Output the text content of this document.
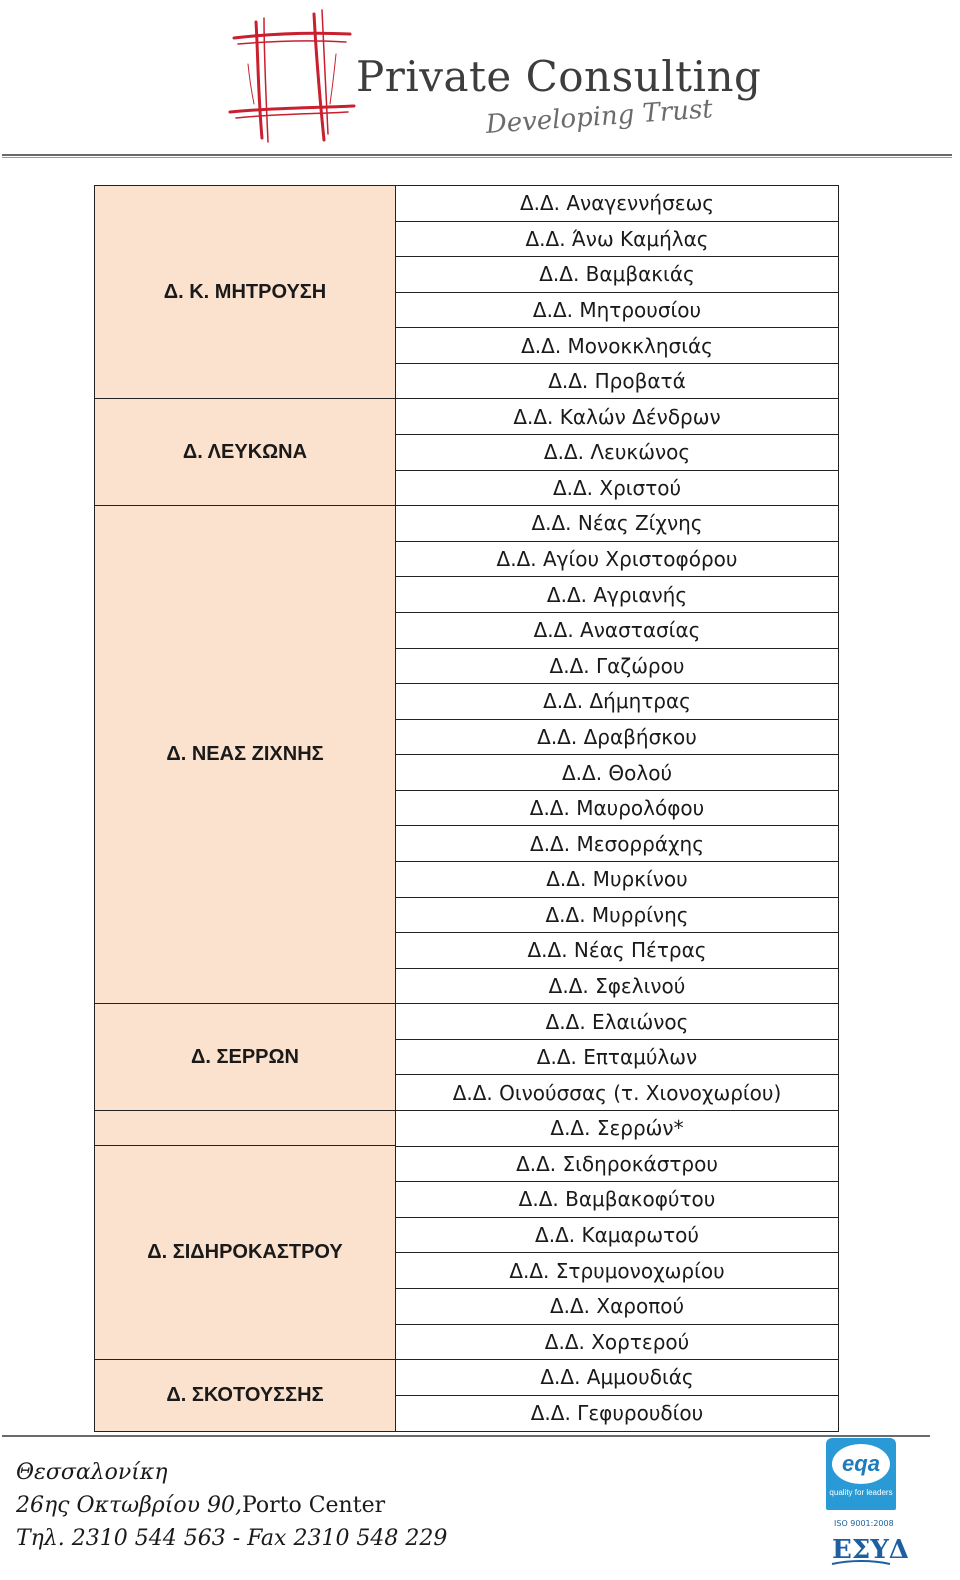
Private Consulting
Developing Trust
Δ. Κ. ΜΗΤΡΟΥΣΗ
Δ. ΛΕΥΚΩΝΑ
Δ. ΝΕΑΣ ΖΙΧΝΗΣ
Δ. ΣΕΡΡΩΝ
Δ. ΣΙΔΗΡΟΚΑΣΤΡΟΥ
Δ. ΣΚΟΤΟΥΣΣΗΣ
Δ.Δ. Αναγεννήσεως
Δ.Δ. Άνω Καμήλας
Δ.Δ. Βαμβακιάς
Δ.Δ. Μητρουσίου
Δ.Δ. Μονοκκλησιάς
Δ.Δ. Προβατά
Δ.Δ. Καλών Δένδρων
Δ.Δ. Λευκώνος
Δ.Δ. Χριστού
Δ.Δ. Νέας Ζίχνης
Δ.Δ. Αγίου Χριστοφόρου
Δ.Δ. Αγριανής
Δ.Δ. Αναστασίας
Δ.Δ. Γαζώρου
Δ.Δ. Δήμητρας
Δ.Δ. Δραβήσκου
Δ.Δ. Θολού
Δ.Δ. Μαυρολόφου
Δ.Δ. Μεσορράχης
Δ.Δ. Μυρκίνου
Δ.Δ. Μυρρίνης
Δ.Δ. Νέας Πέτρας
Δ.Δ. Σφελινού
Δ.Δ. Ελαιώνος
Δ.Δ. Επταμύλων
Δ.Δ. Οινούσσας (τ. Χιονοχωρίου)
Δ.Δ. Σερρών*
Δ.Δ. Σιδηροκάστρου
Δ.Δ. Βαμβακοφύτου
Δ.Δ. Καμαρωτού
Δ.Δ. Στρυμονοχωρίου
Δ.Δ. Χαροπού
Δ.Δ. Χορτερού
Δ.Δ. Αμμουδιάς
Δ.Δ. Γεφυρουδίου
Θεσσαλονίκη
26ης Οκτωβρίου 90,Porto Center
Τηλ. 2310 544 563 - Fax 2310 548 229
eqa
quality for leaders
ISO 9001:2008
ΕΣΥΔ
